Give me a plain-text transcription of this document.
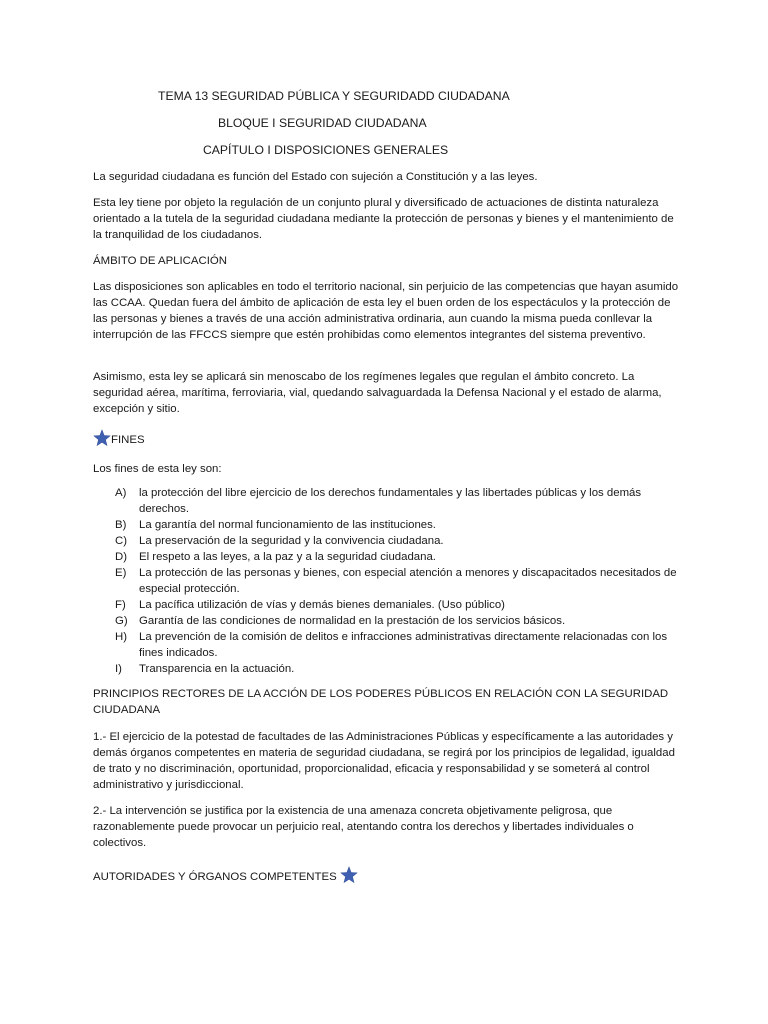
TEMA 13 SEGURIDAD PÚBLICA Y SEGURIDADD CIUDADANA
BLOQUE I SEGURIDAD CIUDADANA
CAPÍTULO I DISPOSICIONES GENERALES

La seguridad ciudadana es función del Estado con sujeción a Constitución y a las leyes.

Esta ley tiene por objeto la regulación de un conjunto plural y diversificado de actuaciones de distinta naturaleza orientado a la tutela de la seguridad ciudadana mediante la protección de personas y bienes y el mantenimiento de la tranquilidad de los ciudadanos.

ÁMBITO DE APLICACIÓN

Las disposiciones son aplicables en todo el territorio nacional, sin perjuicio de las competencias que hayan asumido las CCAA. Quedan fuera del ámbito de aplicación de esta ley el buen orden de los espectáculos y la protección de las personas y bienes a través de una acción administrativa ordinaria, aun cuando la misma pueda conllevar la interrupción de las FFCCS siempre que estén prohibidas como elementos integrantes del sistema preventivo.

Asimismo, esta ley se aplicará sin menoscabo de los regímenes legales que regulan el ámbito concreto. La seguridad aérea, marítima, ferroviaria, vial, quedando salvaguardada la Defensa Nacional y el estado de alarma, excepción y sitio.

FINES

Los fines de esta ley son:

A) la protección del libre ejercicio de los derechos fundamentales y las libertades públicas y los demás derechos.
B) La garantía del normal funcionamiento de las instituciones.
C) La preservación de la seguridad y la convivencia ciudadana.
D) El respeto a las leyes, a la paz y a la seguridad ciudadana.
E) La protección de las personas y bienes, con especial atención a menores y discapacitados necesitados de especial protección.
F) La pacífica utilización de vías y demás bienes demaniales. (Uso público)
G) Garantía de las condiciones de normalidad en la prestación de los servicios básicos.
H) La prevención de la comisión de delitos e infracciones administrativas directamente relacionadas con los fines indicados.
I) Transparencia en la actuación.

PRINCIPIOS RECTORES DE LA ACCIÓN DE LOS PODERES PÚBLICOS EN RELACIÓN CON LA SEGURIDAD CIUDADANA

1.- El ejercicio de la potestad de facultades de las Administraciones Públicas y específicamente a las autoridades y demás órganos competentes en materia de seguridad ciudadana, se regirá por los principios de legalidad, igualdad de trato y no discriminación, oportunidad, proporcionalidad, eficacia y responsabilidad y se someterá al control administrativo y jurisdiccional.

2.- La intervención se justifica por la existencia de una amenaza concreta objetivamente peligrosa, que razonablemente puede provocar un perjuicio real, atentando contra los derechos y libertades individuales o colectivos.

AUTORIDADES Y ÓRGANOS COMPETENTES
